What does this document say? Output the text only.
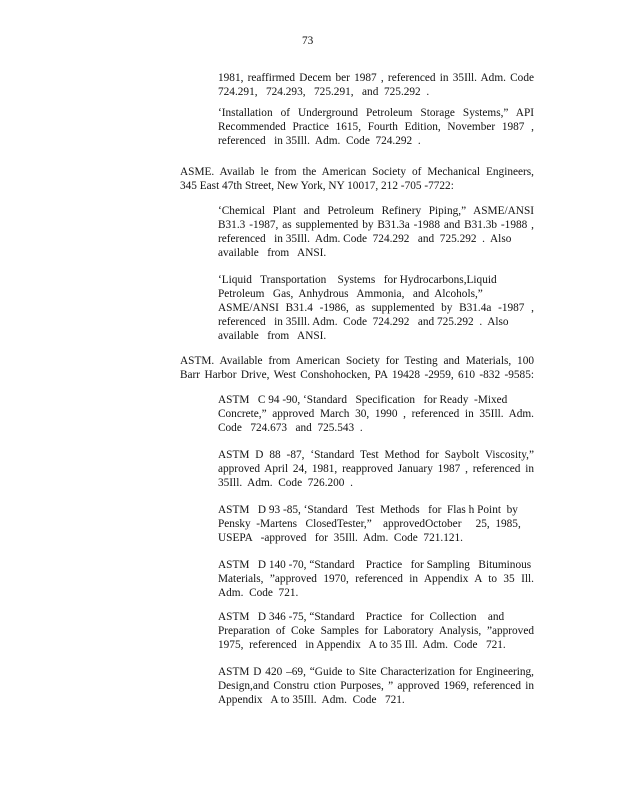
73
1981, reaffirmed Decem ber 1987 , referenced in 35Ill. Adm. Code
724.291,   724.293,   725.291,   and  725.292  .
‘Installation of Underground Petroleum Storage Systems,” API
Recommended Practice 1615, Fourth Edition, November 1987 ,
referenced   in 35Ill.  Adm.  Code  724.292  .
ASME. Availab le from the American Society of Mechanical Engineers,
345 East 47th Street, New York, NY 10017, 212 -705 -7722:
‘Chemical Plant and Petroleum Refinery Piping,” ASME/ANSI
B31.3 -1987, as supplemented by B31.3a -1988 and B31.3b -1988 ,
referenced   in 35Ill.  Adm. Code  724.292   and  725.292  .  Also
available   from   ANSI.
‘Liquid   Transportation    Systems   for Hydrocarbons,Liquid
Petroleum   Gas,  Anhydrous   Ammonia,   and  Alcohols,”
ASME/ANSI B31.4 -1986, as supplemented by B31.4a -1987 ,
referenced   in 35Ill. Adm.  Code  724.292   and 725.292  .  Also
available   from   ANSI.
ASTM. Available from American Society for Testing and Materials, 100
Barr Harbor Drive, West Conshohocken, PA 19428 -2959, 610 -832 -9585:
ASTM   C 94 -90, ‘Standard   Specification   for Ready  -Mixed
Concrete,” approved March 30, 1990 , referenced in 35Ill. Adm.
Code   724.673   and  725.543  .
ASTM D 88 -87, ‘Standard Test Method for Saybolt Viscosity,”
approved April 24, 1981, reapproved January 1987 , referenced in
35Ill.  Adm.  Code  726.200  .
ASTM   D 93 -85, ‘Standard   Test  Methods   for  Flas h Point  by
Pensky  -Martens   ClosedTester,”    approvedOctober     25,  1985,
USEPA   -approved   for  35Ill.  Adm.  Code  721.121.
ASTM   D 140 -70, “Standard    Practice   for Sampling   Bituminous
Materials, ”approved 1970, referenced in Appendix A to 35 Ill.
Adm.  Code  721.
ASTM   D 346 -75, “Standard    Practice   for  Collection    and
Preparation of Coke Samples for Laboratory Analysis, ”approved
1975,  referenced   in Appendix   A to 35 Ill.  Adm.  Code   721.
ASTM D 420 –69, “Guide to Site Characterization for Engineering,
Design,and Constru ction Purposes, ” approved 1969, referenced in
Appendix   A to 35Ill.  Adm.  Code   721.
